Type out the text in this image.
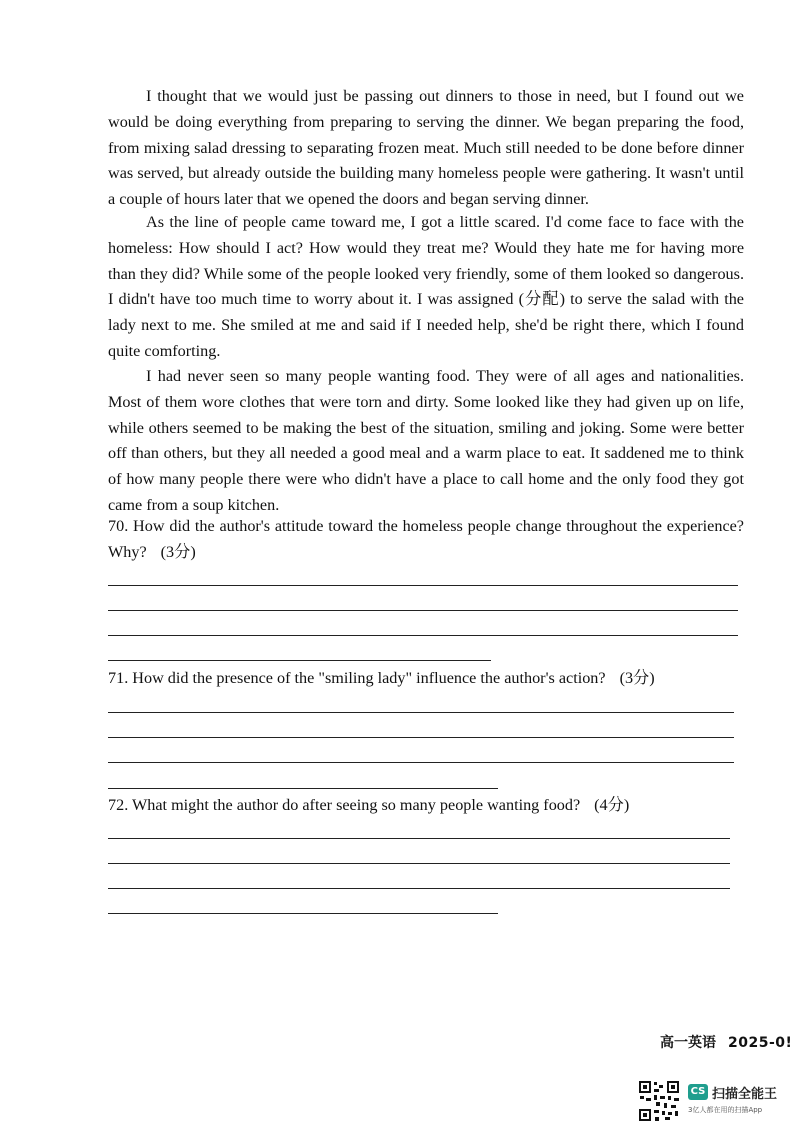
I thought that we would just be passing out dinners to those in need, but I found out we would be doing everything from preparing to serving the dinner. We began preparing the food, from mixing salad dressing to separating frozen meat. Much still needed to be done before dinner was served, but already outside the building many homeless people were gathering. It wasn't until a couple of hours later that we opened the doors and began serving dinner.

As the line of people came toward me, I got a little scared. I'd come face to face with the homeless: How should I act? How would they treat me? Would they hate me for having more than they did? While some of the people looked very friendly, some of them looked so dangerous. I didn't have too much time to worry about it. I was assigned (分配) to serve the salad with the lady next to me. She smiled at me and said if I needed help, she'd be right there, which I found quite comforting.

I had never seen so many people wanting food. They were of all ages and nationalities. Most of them wore clothes that were torn and dirty. Some looked like they had given up on life, while others seemed to be making the best of the situation, smiling and joking. Some were better off than others, but they all needed a good meal and a warm place to eat. It saddened me to think of how many people there were who didn't have a place to call home and the only food they got came from a soup kitchen.

70. How did the author's attitude toward the homeless people change throughout the experience? Why? (3分)

71. How did the presence of the "smiling lady" influence the author's action? (3分)

72. What might the author do after seeing so many people wanting food? (4分)

高一英语 2025-0!
CS 扫描全能王
3亿人都在用的扫描App
